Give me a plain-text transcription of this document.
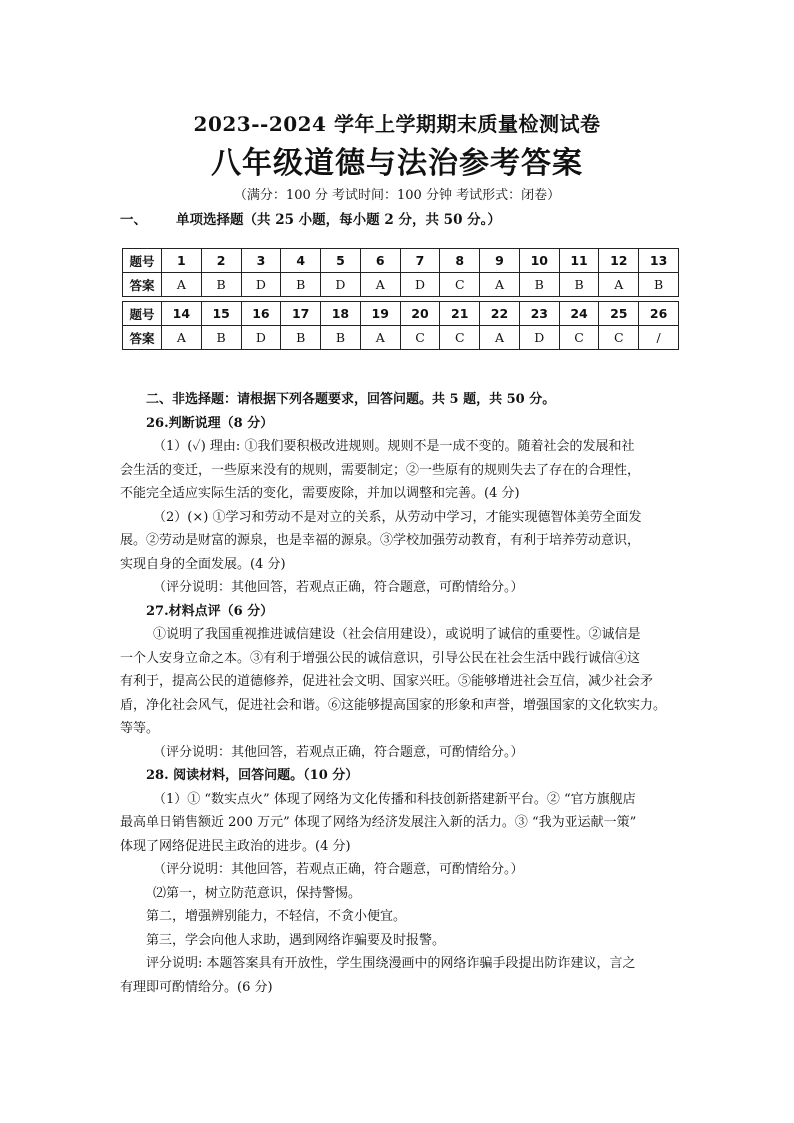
2023--2024 学年上学期期末质量检测试卷
八年级道德与法治参考答案
（满分：100 分 考试时间：100 分钟 考试形式：闭卷）
一、 单项选择题（共 25 小题，每小题 2 分，共 50 分。）
题号	1	2	3	4	5	6	7	8	9	10	11	12	13
答案	A	B	D	B	D	A	D	C	A	B	B	A	B

题号	14	15	16	17	18	19	20	21	22	23	24	25	26
答案	A	B	D	B	B	A	C	C	A	D	C	C	/
二、非选择题：请根据下列各题要求，回答问题。共 5 题，共 50 分。
26.判断说理（8 分）
（1）(✓) 理由: ①我们要积极改进规则。规则不是一成不变的。随着社会的发展和社
会生活的变迁，一些原来没有的规则，需要制定；②一些原有的规则失去了存在的合理性，
不能完全适应实际生活的变化，需要废除，并加以调整和完善。(4 分)
（2）(×) ①学习和劳动不是对立的关系，从劳动中学习，才能实现德智体美劳全面发
展。②劳动是财富的源泉，也是幸福的源泉。③学校加强劳动教育，有利于培养劳动意识，
实现自身的全面发展。(4 分)
（评分说明：其他回答，若观点正确，符合题意，可酌情给分。）
27.材料点评（6 分）
①说明了我国重视推进诚信建设（社会信用建设），或说明了诚信的重要性。②诚信是
一个人安身立命之本。③有利于增强公民的诚信意识，引导公民在社会生活中践行诚信④这
有利于，提高公民的道德修养，促进社会文明、国家兴旺。⑤能够增进社会互信，减少社会矛
盾，净化社会风气，促进社会和谐。⑥这能够提高国家的形象和声誉，增强国家的文化软实力。
等等。
（评分说明：其他回答，若观点正确，符合题意，可酌情给分。）
28. 阅读材料，回答问题。（10 分）
（1）① “数实点火” 体现了网络为文化传播和科技创新搭建新平台。② “官方旗舰店
最高单日销售额近 200 万元” 体现了网络为经济发展注入新的活力。③ “我为亚运献一策”
体现了网络促进民主政治的进步。(4 分)
（评分说明：其他回答，若观点正确，符合题意，可酌情给分。）
⑵第一，树立防范意识，保持警惕。
第二，增强辨别能力，不轻信，不贪小便宜。
第三，学会向他人求助，遇到网络诈骗要及时报警。
评分说明: 本题答案具有开放性，学生围绕漫画中的网络诈骗手段提出防诈建议，言之
有理即可酌情给分。(6 分)
